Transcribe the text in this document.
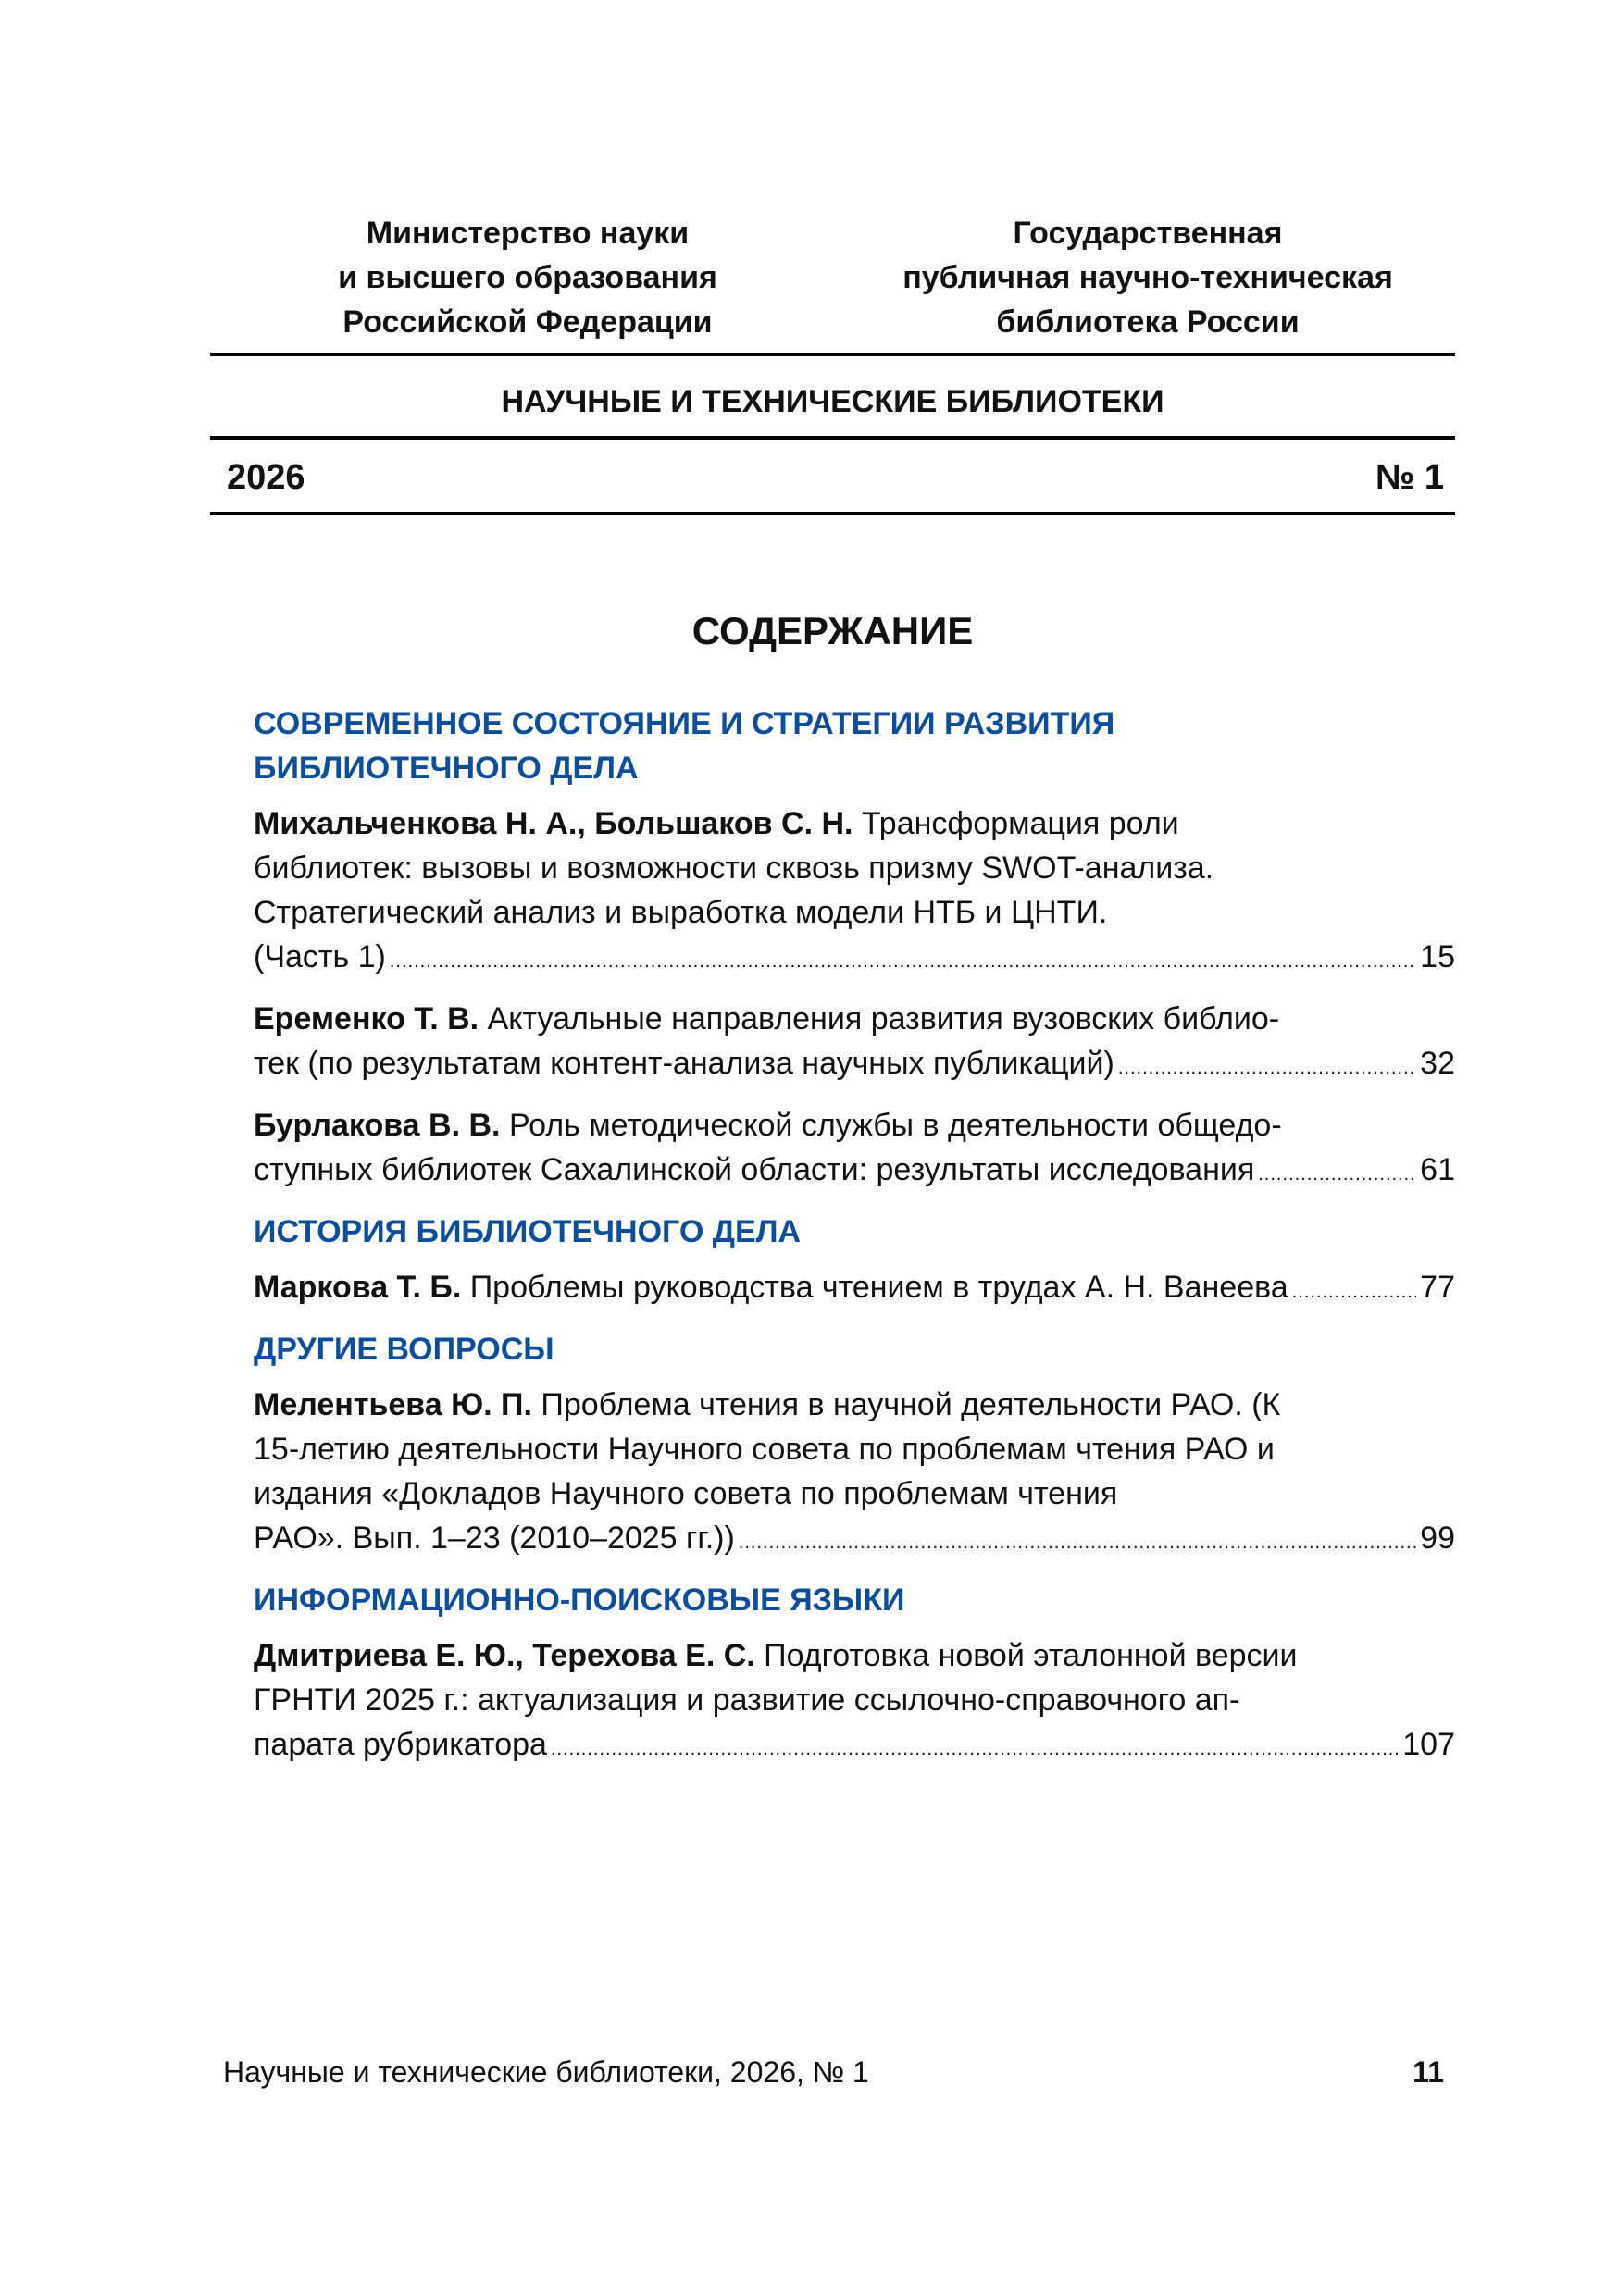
Министерство науки
и высшего образования
Российской Федерации
Государственная
публичная научно-техническая
библиотека России
НАУЧНЫЕ И ТЕХНИЧЕСКИЕ БИБЛИОТЕКИ
2026	№ 1
СОДЕРЖАНИЕ
СОВРЕМЕННОЕ СОСТОЯНИЕ И СТРАТЕГИИ РАЗВИТИЯ БИБЛИОТЕЧНОГО ДЕЛА
Михальченкова Н. А., Большаков С. Н. Трансформация роли библиотек: вызовы и возможности сквозь призму SWOT-анализа. Стратегический анализ и выработка модели НТБ и ЦНТИ.
(Часть 1) .....	15
Еременко Т. В. Актуальные направления развития вузовских библио-
тек (по результатам контент-анализа научных публикаций) .....	32
Бурлакова В. В. Роль методической службы в деятельности общедо-
ступных библиотек Сахалинской области: результаты исследования .....	61
ИСТОРИЯ БИБЛИОТЕЧНОГО ДЕЛА
Маркова Т. Б. Проблемы руководства чтением в трудах А. Н. Ванеева .....	77
ДРУГИЕ ВОПРОСЫ
Мелентьева Ю. П. Проблема чтения в научной деятельности РАО. (К 15-летию деятельности Научного совета по проблемам чтения РАО и издания «Докладов Научного совета по проблемам чтения
РАО». Вып. 1–23 (2010–2025 гг.)) .....	99
ИНФОРМАЦИОННО-ПОИСКОВЫЕ ЯЗЫКИ
Дмитриева Е. Ю., Терехова Е. С. Подготовка новой эталонной версии ГРНТИ 2025 г.: актуализация и развитие ссылочно-справочного ап-
парата рубрикатора .....	107
Научные и технические библиотеки, 2026, № 1	11
